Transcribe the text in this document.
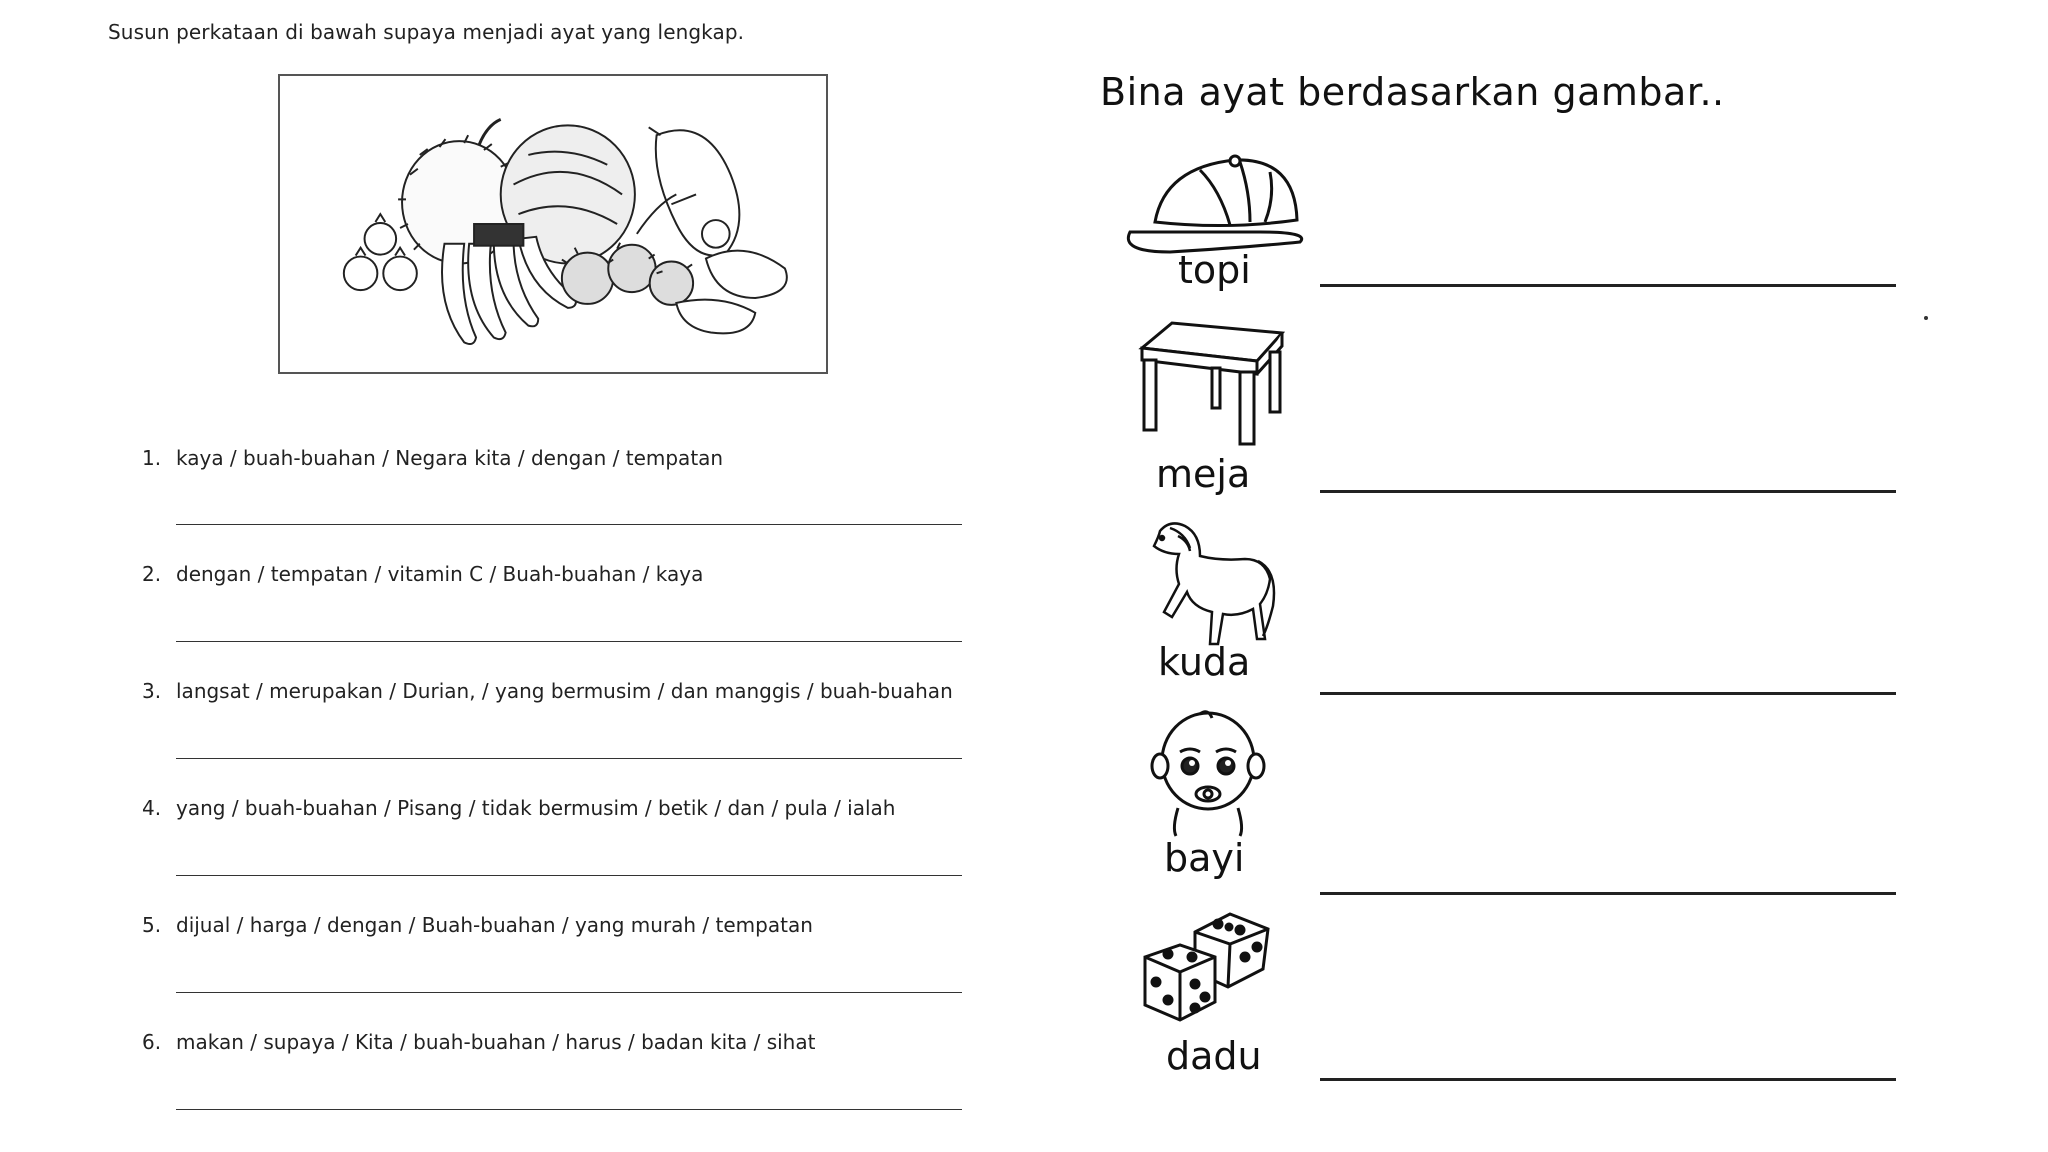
Susun perkataan di bawah supaya menjadi ayat yang lengkap.
1. kaya / buah-buahan / Negara kita / dengan / tempatan
2. dengan / tempatan / vitamin C / Buah-buahan / kaya
3. langsat / merupakan / Durian, / yang bermusim / dan manggis / buah-buahan
4. yang / buah-buahan / Pisang / tidak bermusim / betik / dan / pula / ialah
5. dijual / harga / dengan / Buah-buahan / yang murah / tempatan
6. makan / supaya / Kita / buah-buahan / harus / badan kita / sihat
Bina ayat berdasarkan gambar..
topi
meja
kuda
bayi
dadu
